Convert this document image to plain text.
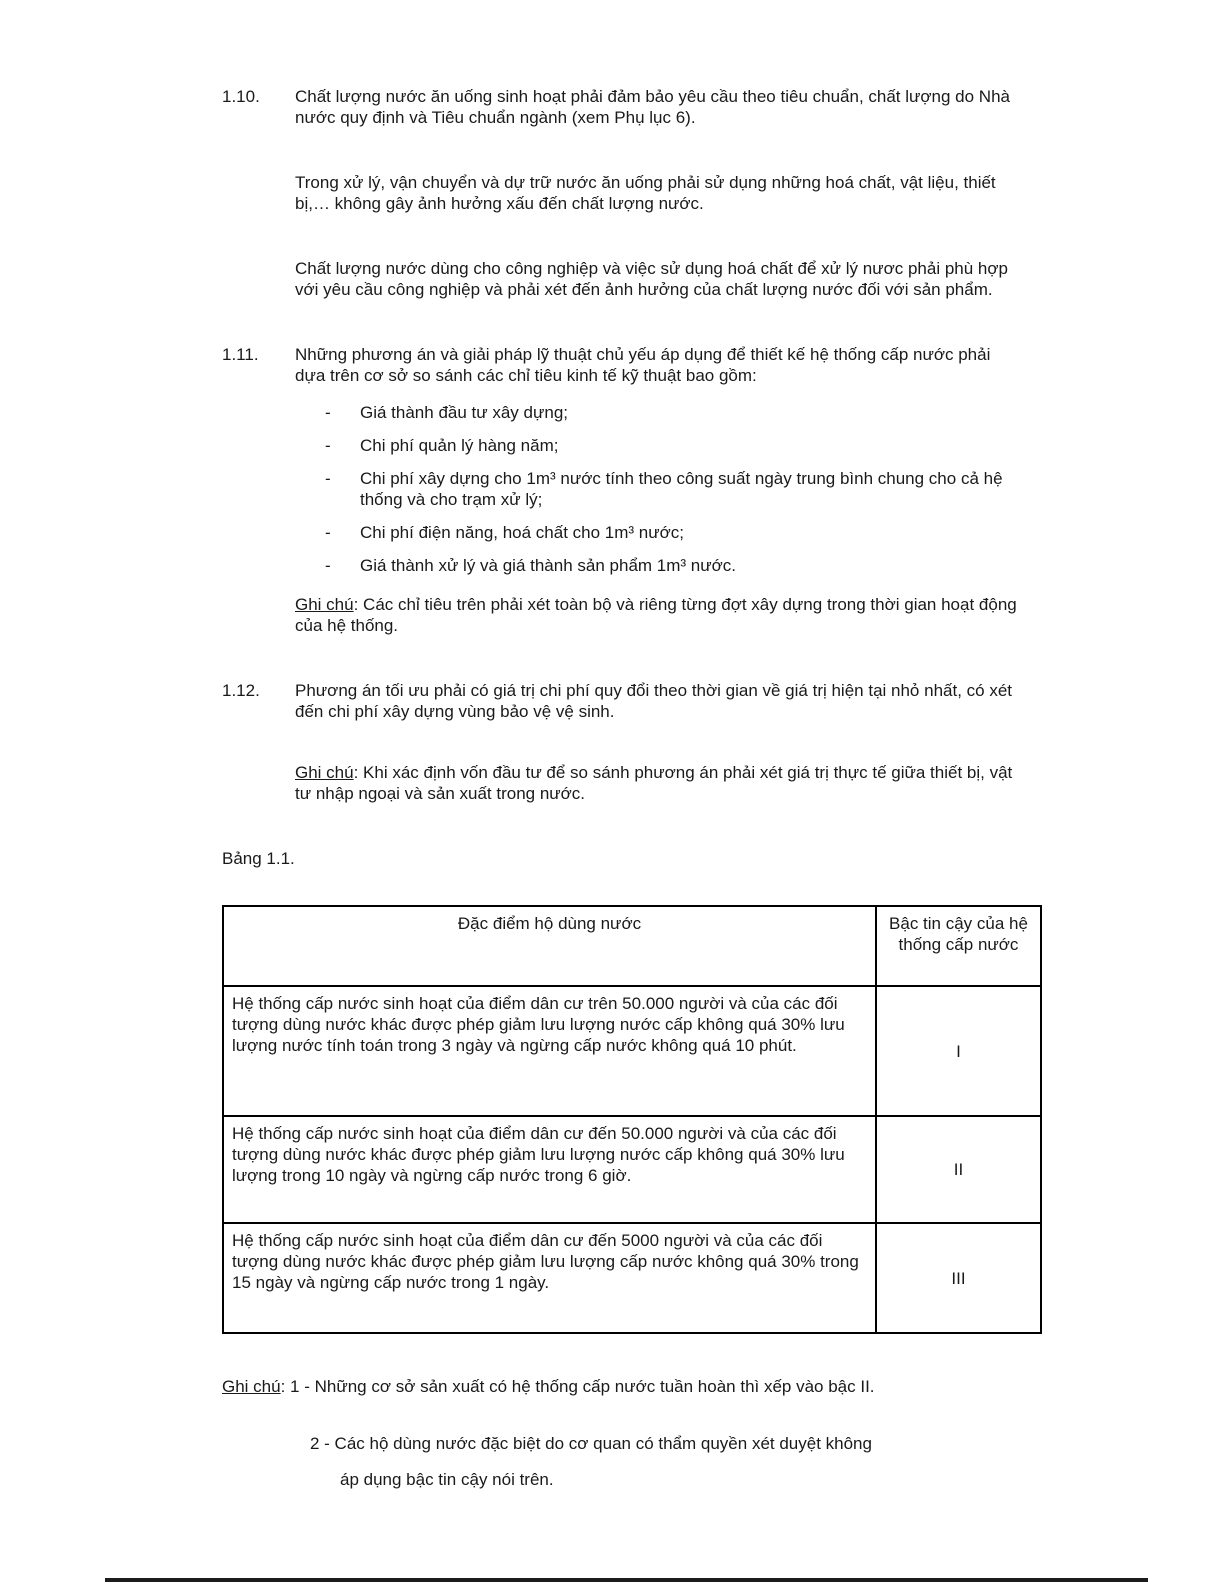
1.10.	Chất lượng nước ăn uống sinh hoạt phải đảm bảo yêu cầu theo tiêu chuẩn, chất lượng do Nhà nước quy định và Tiêu chuẩn ngành (xem Phụ lục 6).

Trong xử lý, vận chuyển và dự trữ nước ăn uống phải sử dụng những hoá chất, vật liệu, thiết bị,… không gây ảnh hưởng xấu đến chất lượng nước.

Chất lượng nước dùng cho công nghiệp và việc sử dụng hoá chất để xử lý nươc phải phù hợp với yêu cầu công nghiệp và phải xét đến ảnh hưởng của chất lượng nước đối với sản phẩm.

1.11.	Những phương án và giải pháp lỹ thuật chủ yếu áp dụng để thiết kế hệ thống cấp nước phải dựa trên cơ sở so sánh các chỉ tiêu kinh tế kỹ thuật bao gồm:

-	Giá thành đầu tư xây dựng;
-	Chi phí quản lý hàng năm;
-	Chi phí xây dựng cho 1m³ nước tính theo công suất ngày trung bình chung cho cả hệ thống và cho trạm xử lý;
-	Chi phí điện năng, hoá chất cho 1m³ nước;
-	Giá thành xử lý và giá thành sản phẩm 1m³ nước.

Ghi chú: Các chỉ tiêu trên phải xét toàn bộ và riêng từng đợt xây dựng trong thời gian hoạt động của hệ thống.

1.12.	Phương án tối ưu phải có giá trị chi phí quy đổi theo thời gian về giá trị hiện tại nhỏ nhất, có xét đến chi phí xây dựng vùng bảo vệ vệ sinh.

Ghi chú: Khi xác định vốn đầu tư để so sánh phương án phải xét giá trị thực tế giữa thiết bị, vật tư nhập ngoại và sản xuất trong nước.

Bảng 1.1.

Đặc điểm hộ dùng nước	Bậc tin cậy của hệ thống cấp nước
Hệ thống cấp nước sinh hoạt của điểm dân cư trên 50.000 người và của các đối tượng dùng nước khác được phép giảm lưu lượng nước cấp không quá 30% lưu lượng nước tính toán trong 3 ngày và ngừng cấp nước không quá 10 phút.	I
Hệ thống cấp nước sinh hoạt của điểm dân cư đến 50.000 người và của các đối tượng dùng nước khác được phép giảm lưu lượng nước cấp không quá 30% lưu lượng trong 10 ngày và ngừng cấp nước trong 6 giờ.	II
Hệ thống cấp nước sinh hoạt của điểm dân cư đến 5000 người và của các đối tượng dùng nước khác được phép giảm lưu lượng cấp nước không quá 30% trong 15 ngày và ngừng cấp nước trong 1 ngày.	III

Ghi chú: 1 - Những cơ sở sản xuất có hệ thống cấp nước tuần hoàn thì xếp vào bậc II.

2 - Các hộ dùng nước đặc biệt do cơ quan có thẩm quyền xét duyệt không

áp dụng bậc tin cậy nói trên.
